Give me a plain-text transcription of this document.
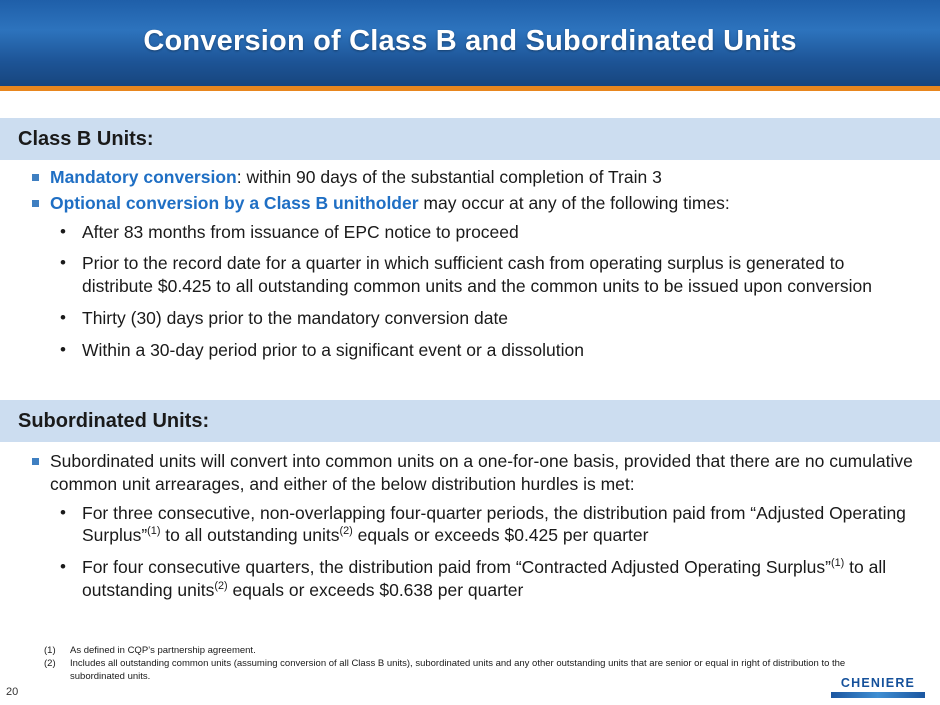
Conversion of Class B and Subordinated Units
Class B Units:
Mandatory conversion: within 90 days of the substantial completion of Train 3
Optional conversion by a Class B unitholder may occur at any of the following times:
• After 83 months from issuance of EPC notice to proceed
• Prior to the record date for a quarter in which sufficient cash from operating surplus is generated to distribute $0.425 to all outstanding common units and the common units to be issued upon conversion
• Thirty (30) days prior to the mandatory conversion date
• Within a 30-day period prior to a significant event or a dissolution
Subordinated Units:
Subordinated units will convert into common units on a one-for-one basis, provided that there are no cumulative common unit arrearages, and either of the below distribution hurdles is met:
• For three consecutive, non-overlapping four-quarter periods, the distribution paid from “Adjusted Operating Surplus”$^{(1)}$ to all outstanding units$^{(2)}$ equals or exceeds $0.425 per quarter
• For four consecutive quarters, the distribution paid from “Contracted Adjusted Operating Surplus”$^{(1)}$ to all outstanding units$^{(2)}$ equals or exceeds $0.638 per quarter
(1)	As defined in CQP’s partnership agreement.
(2)	Includes all outstanding common units (assuming conversion of all Class B units), subordinated units and any other outstanding units that are senior or equal in right of distribution to the
subordinated units.
20
CHENIERE
